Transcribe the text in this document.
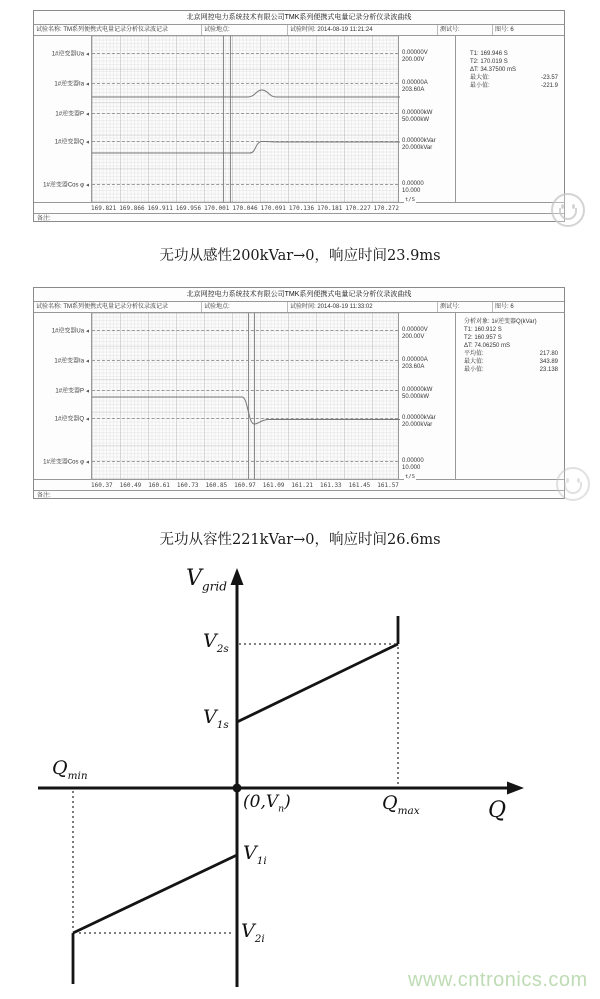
北京网控电力系统技术有限公司TMK系列便携式电量记录分析仪录波曲线
试验名称: TM系列便携式电量记录分析仪录波记录	试验地点:	试验时间: 2014-08-19 11:21:24	测试号:	图号: 6
1#逆变器Ua◄
1#逆变器Ia◄
1#逆变器P◄
1#逆变器Q◄
1#逆变器Cos φ◄
0.00000V
200.00V
0.00000A
203.60A
0.00000kW
50.000kW
0.00000kVar
20.000kVar
0.00000
10.000
T1: 169.946 S
T2: 170.019 S
ΔT: 34.37500 mS
最大值:	-23.57
最小值:	-221.9
t/S
169.821 169.866 169.911 169.956 170.001 170.046 170.091 170.136 170.181 170.227 170.272
备注:
无功从感性200kVar→0，响应时间23.9ms
北京网控电力系统技术有限公司TMK系列便携式电量记录分析仪录波曲线
试验名称: TM系列便携式电量记录分析仪录波记录	试验地点:	试验时间: 2014-08-19 11:33:02	测试号:	图号: 6
1#逆变器Ua◄
1#逆变器Ia◄
1#逆变器P◄
1#逆变器Q◄
1#逆变器Cos φ◄
0.00000V
200.00V
0.00000A
203.60A
0.00000kW
50.000kW
0.00000kVar
20.000kVar
0.00000
10.000
分析对象: 1#逆变器Q(kVar)
T1: 160.912 S
T2: 160.957 S
ΔT: 74.06250 mS
平均值:	217.80
最大值:	343.89
最小值:	23.138
t/S
160.37 160.49 160.61 160.73 160.85 160.97 161.09 161.21 161.33 161.45 161.57
备注:
无功从容性221kVar→0，响应时间26.6ms
$V_{grid}$
$V_{2s}$
$V_{1s}$
$Q_{min}$
$(0,V_n)$	$Q_{max}$	Q
$V_{1i}$
$V_{2i}$
www.cntronics.com
